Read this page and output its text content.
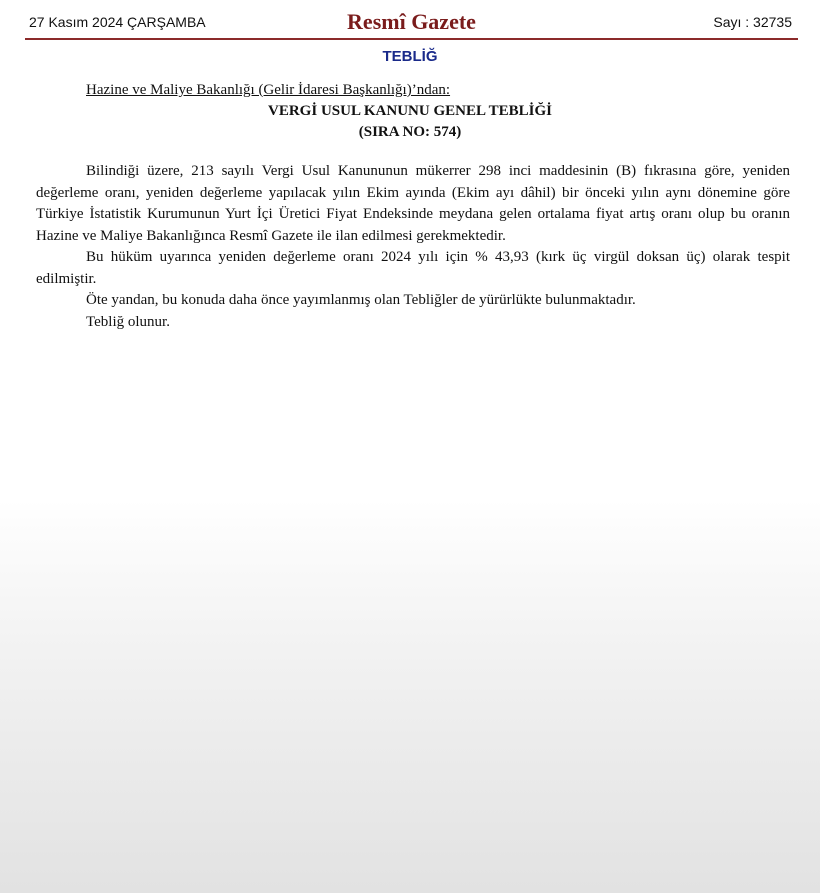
27 Kasım 2024 ÇARŞAMBA	Resmî Gazete	Sayı : 32735
TEBLİĞ
Hazine ve Maliye Bakanlığı (Gelir İdaresi Başkanlığı)’ndan:
VERGİ USUL KANUNU GENEL TEBLİĞİ
(SIRA NO: 574)

Bilindiği üzere, 213 sayılı Vergi Usul Kanununun mükerrer 298 inci maddesinin (B) fıkrasına göre, yeniden değerleme oranı, yeniden değerleme yapılacak yılın Ekim ayında (Ekim ayı dâhil) bir önceki yılın aynı dönemine göre Türkiye İstatistik Kurumunun Yurt İçi Üretici Fiyat Endeksinde meydana gelen ortalama fiyat artış oranı olup bu oranın Hazine ve Maliye Bakanlığınca Resmî Gazete ile ilan edilmesi gerekmektedir.

Bu hüküm uyarınca yeniden değerleme oranı 2024 yılı için % 43,93 (kırk üç virgül doksan üç) olarak tespit edilmiştir.

Öte yandan, bu konuda daha önce yayımlanmış olan Tebliğler de yürürlükte bulunmaktadır.

Tebliğ olunur.
